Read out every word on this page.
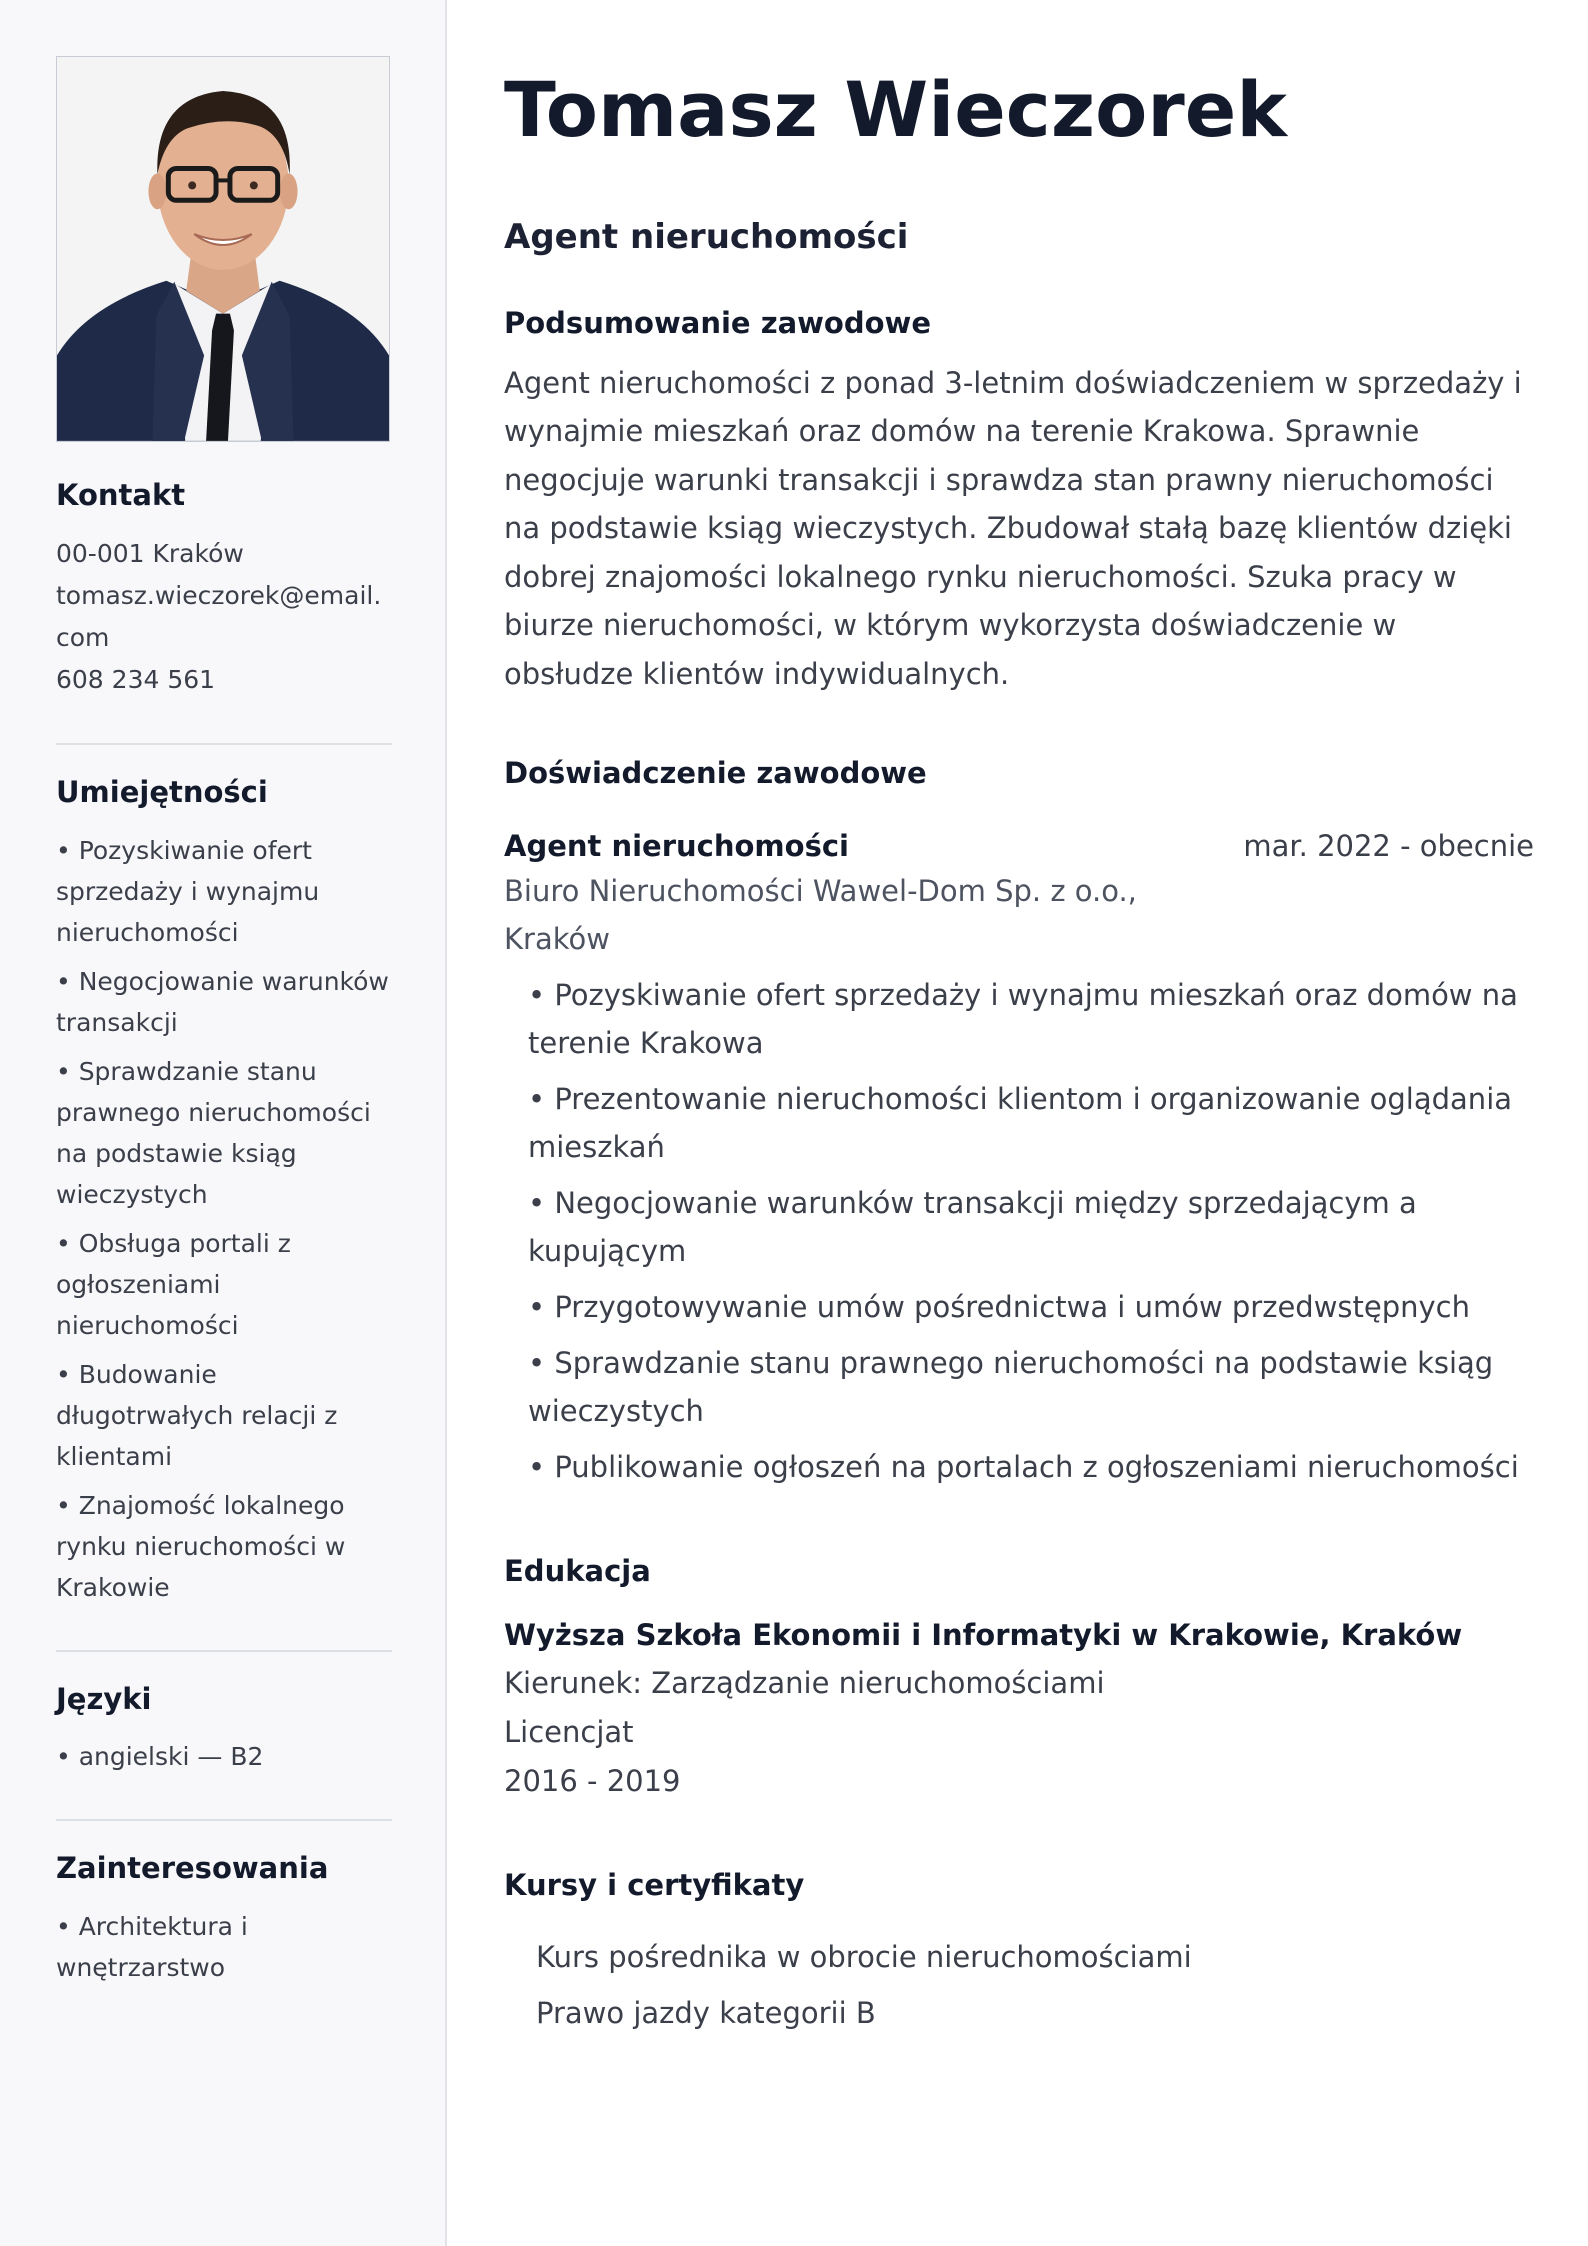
Kontakt
00-001 Kraków
tomasz.wieczorek@email.com
608 234 561
Umiejętności
• Pozyskiwanie ofert sprzedaży i wynajmu nieruchomości
• Negocjowanie warunków transakcji
• Sprawdzanie stanu prawnego nieruchomości na podstawie ksiąg wieczystych
• Obsługa portali z ogłoszeniami nieruchomości
• Budowanie długotrwałych relacji z klientami
• Znajomość lokalnego rynku nieruchomości w Krakowie
Języki
• angielski — B2
Zainteresowania
• Architektura i wnętrzarstwo
Tomasz Wieczorek
Agent nieruchomości
Podsumowanie zawodowe
Agent nieruchomości z ponad 3-letnim doświadczeniem w sprzedaży i wynajmie mieszkań oraz domów na terenie Krakowa. Sprawnie negocjuje warunki transakcji i sprawdza stan prawny nieruchomości na podstawie ksiąg wieczystych. Zbudował stałą bazę klientów dzięki dobrej znajomości lokalnego rynku nieruchomości. Szuka pracy w biurze nieruchomości, w którym wykorzysta doświadczenie w obsłudze klientów indywidualnych.
Doświadczenie zawodowe
Agent nieruchomości	mar. 2022 - obecnie
Biuro Nieruchomości Wawel-Dom Sp. z o.o.,
Kraków
• Pozyskiwanie ofert sprzedaży i wynajmu mieszkań oraz domów na terenie Krakowa
• Prezentowanie nieruchomości klientom i organizowanie oglądania mieszkań
• Negocjowanie warunków transakcji między sprzedającym a kupującym
• Przygotowywanie umów pośrednictwa i umów przedwstępnych
• Sprawdzanie stanu prawnego nieruchomości na podstawie ksiąg wieczystych
• Publikowanie ogłoszeń na portalach z ogłoszeniami nieruchomości
Edukacja
Wyższa Szkoła Ekonomii i Informatyki w Krakowie, Kraków
Kierunek: Zarządzanie nieruchomościami
Licencjat
2016 - 2019
Kursy i certyfikaty
Kurs pośrednika w obrocie nieruchomościami
Prawo jazdy kategorii B
